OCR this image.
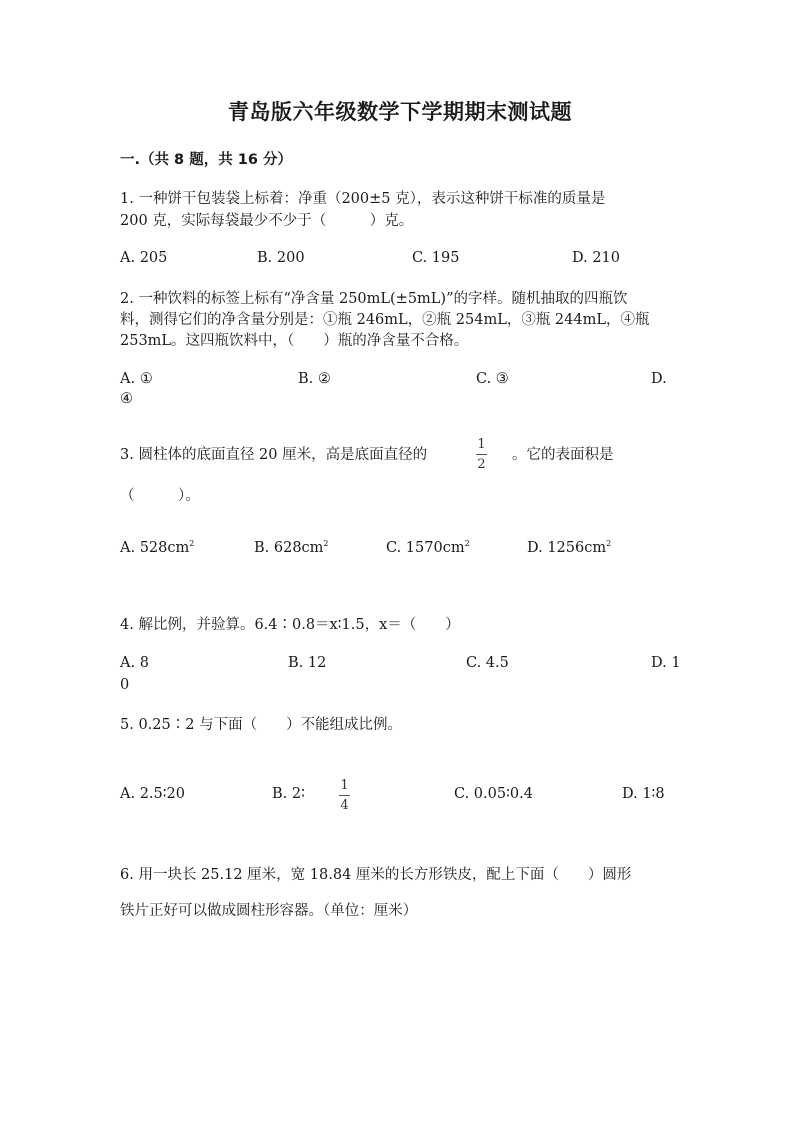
青岛版六年级数学下学期期末测试题
一.（共 8 题，共 16 分）
1. 一种饼干包装袋上标着：净重（200±5 克），表示这种饼干标准的质量是
200 克，实际每袋最少不少于（　　　）克。
A. 205	B. 200	C. 195	D. 210
2. 一种饮料的标签上标有“净含量 250mL(±5mL)”的字样。随机抽取的四瓶饮
料，测得它们的净含量分别是：①瓶 246mL，②瓶 254mL，③瓶 244mL，④瓶
253mL。这四瓶饮料中，（　　）瓶的净含量不合格。
A. ①	B. ②	C. ③	D.
④
3. 圆柱体的底面直径 20 厘米，高是底面直径的
1
2
。它的表面积是
（　　　）。
A. $528cm^2$	B. $628cm^2$	C. $1570cm^2$	D. $1256cm^2$
4. 解比例，并验算。6.4∶0.8＝x∶1.5，x＝（　　）
A. 8	B. 12	C. 4.5	D. 1
0
5. 0.25∶2 与下面（　　）不能组成比例。
A. 2.5∶20	B. 2∶
1
4
C. 0.05∶0.4	D. 1∶8
6. 用一块长 25.12 厘米，宽 18.84 厘米的长方形铁皮，配上下面（　　）圆形
铁片正好可以做成圆柱形容器。（单位：厘米）
